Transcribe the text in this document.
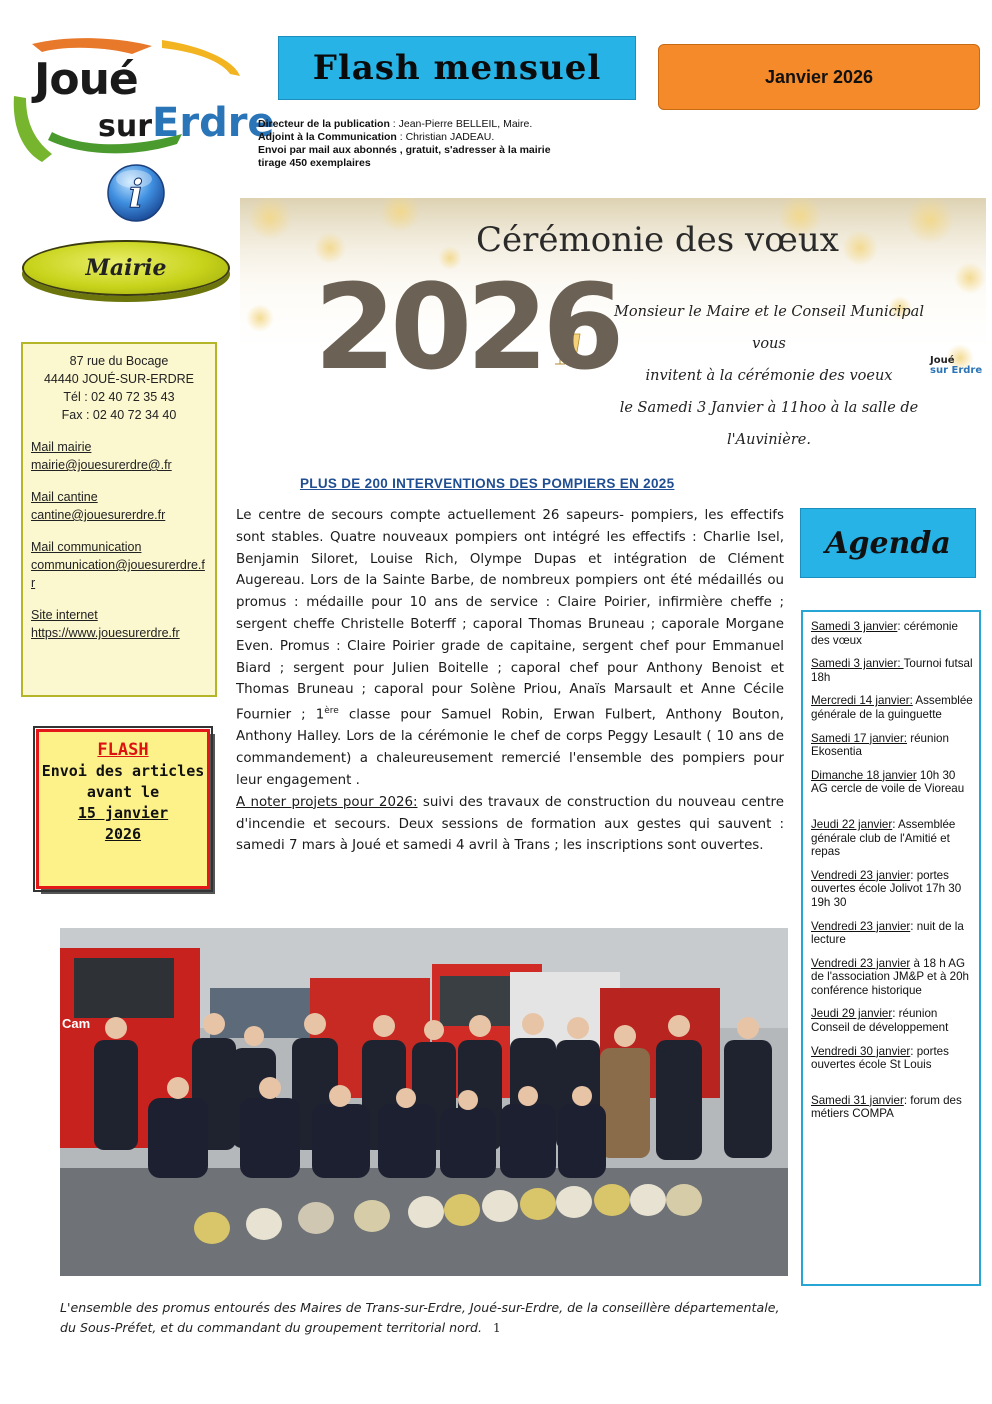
Joué
surErdre
Flash mensuel	Janvier 2026
Directeur de la publication : Jean-Pierre BELLEIL, Maire.
Adjoint à la Communication : Christian JADEAU.
Envoi par mail aux abonnés , gratuit, s'adresser à la mairie
tirage 450 exemplaires
i
Mairie
87 rue du Bocage
44440 JOUÉ-SUR-ERDRE
Tél : 02 40 72 35 43
Fax : 02 40 72 34 40
Mail mairie
mairie@jouesurerdre@.fr
Mail cantine
cantine@jouesurerdre.fr
Mail communication
communication@jouesurerdre.fr
Site internet
https://www.jouesurerdre.fr
FLASH
Envoi des articles
avant le
15 janvier
2026
Cérémonie des vœux
2026
Monsieur le Maire et le Conseil Municipal vous
invitent à la cérémonie des voeux
le Samedi 3 Janvier à 11hoo à la salle de
l'Auvinière.
Joué
sur Erdre
PLUS DE 200 INTERVENTIONS DES POMPIERS EN 2025
Le centre de secours compte actuellement 26 sapeurs- pompiers, les effectifs sont stables. Quatre nouveaux pompiers ont intégré les effectifs : Charlie Isel, Benjamin Siloret, Louise Rich, Olympe Dupas et intégration de Clément Augereau. Lors de la Sainte Barbe, de nombreux pompiers ont été médaillés ou promus : médaille pour 10 ans de service : Claire Poirier, infirmière cheffe ; sergent cheffe Christelle Boterff ; caporal Thomas Bruneau ; caporale Morgane Even. Promus : Claire Poirier grade de capitaine, sergent chef pour Emmanuel Biard ; sergent pour Julien Boitelle ; caporal chef pour Anthony Benoist et Thomas Bruneau ; caporal pour Solène Priou, Anaïs Marsault et Anne Cécile Fournier ; 1ère classe pour Samuel Robin, Erwan Fulbert, Anthony Bouton, Anthony Halley. Lors de la cérémonie le chef de corps Peggy Lesault ( 10 ans de commandement) a chaleureusement remercié l'ensemble des pompiers pour leur engagement .
A noter projets pour 2026: suivi des travaux de construction du nouveau centre d'incendie et secours. Deux sessions de formation aux gestes qui sauvent : samedi 7 mars à Joué et samedi 4 avril à Trans ; les inscriptions sont ouvertes.
Agenda
Samedi 3 janvier: cérémonie des vœux
Samedi 3 janvier: Tournoi futsal 18h
Mercredi 14 janvier: Assemblée générale de la guinguette
Samedi 17 janvier: réunion Ekosentia
Dimanche 18 janvier 10h 30 AG cercle de voile de Vioreau
Jeudi 22 janvier: Assemblée générale club de l'Amitié et repas
Vendredi 23 janvier: portes ouvertes école Jolivot 17h 30 19h 30
Vendredi 23 janvier: nuit de la lecture
Vendredi 23 janvier à 18 h AG de l'association JM&P et à 20h conférence historique
Jeudi 29 janvier: réunion Conseil de développement
Vendredi 30 janvier: portes ouvertes école St Louis
Samedi 31 janvier: forum des métiers COMPA
Cam
L'ensemble des promus entourés des Maires de Trans-sur-Erdre, Joué-sur-Erdre, de la conseillère départementale, du Sous-Préfet, et du commandant du groupement territorial nord. 1
